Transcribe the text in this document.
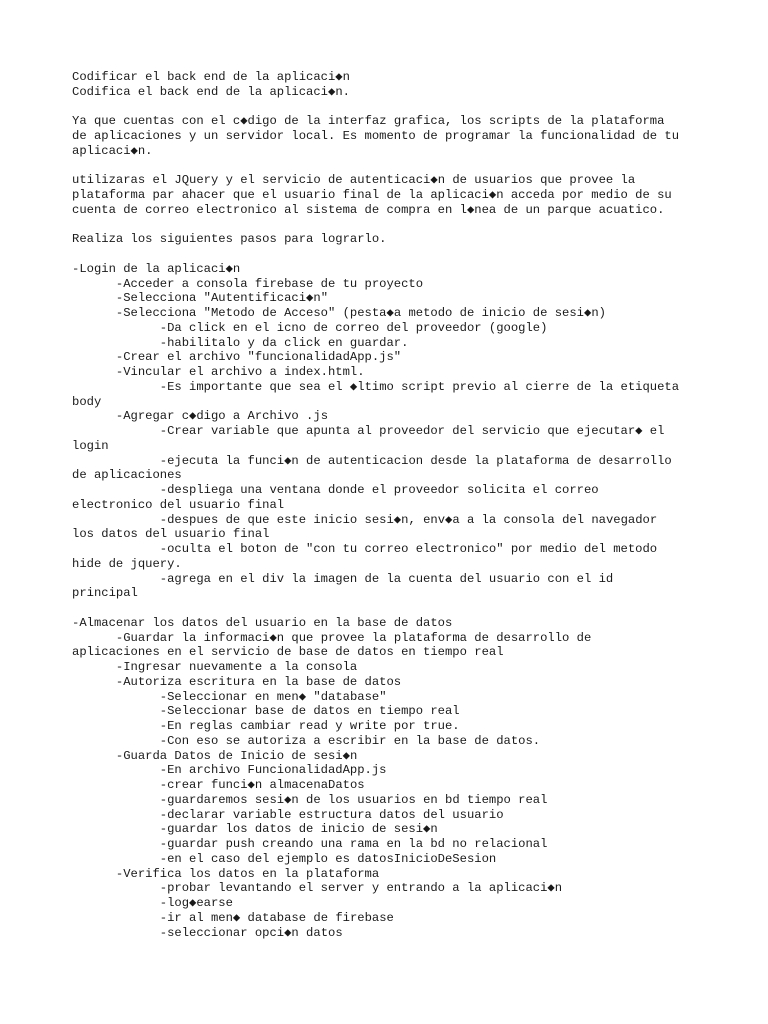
Codificar el back end de la aplicaci◆n
Codifica el back end de la aplicaci◆n.
Ya que cuentas con el c◆digo de la interfaz grafica, los scripts de la plataforma
de aplicaciones y un servidor local. Es momento de programar la funcionalidad de tu
aplicaci◆n.
utilizaras el JQuery y el servicio de autenticaci◆n de usuarios que provee la
plataforma par ahacer que el usuario final de la aplicaci◆n acceda por medio de su
cuenta de correo electronico al sistema de compra en l◆nea de un parque acuatico.
Realiza los siguientes pasos para lograrlo.
-Login de la aplicaci◆n
-Acceder a consola firebase de tu proyecto
-Selecciona "Autentificaci◆n"
-Selecciona "Metodo de Acceso" (pesta◆a metodo de inicio de sesi◆n)
-Da click en el icno de correo del proveedor (google)
-habilitalo y da click en guardar.
-Crear el archivo "funcionalidadApp.js"
-Vincular el archivo a index.html.
-Es importante que sea el ◆ltimo script previo al cierre de la etiqueta
body
-Agregar c◆digo a Archivo .js
-Crear variable que apunta al proveedor del servicio que ejecutar◆ el
login
-ejecuta la funci◆n de autenticacion desde la plataforma de desarrollo
de aplicaciones
-despliega una ventana donde el proveedor solicita el correo
electronico del usuario final
-despues de que este inicio sesi◆n, env◆a a la consola del navegador
los datos del usuario final
-oculta el boton de "con tu correo electronico" por medio del metodo
hide de jquery.
-agrega en el div la imagen de la cuenta del usuario con el id
principal
-Almacenar los datos del usuario en la base de datos
-Guardar la informaci◆n que provee la plataforma de desarrollo de
aplicaciones en el servicio de base de datos en tiempo real
-Ingresar nuevamente a la consola
-Autoriza escritura en la base de datos
-Seleccionar en men◆ "database"
-Seleccionar base de datos en tiempo real
-En reglas cambiar read y write por true.
-Con eso se autoriza a escribir en la base de datos.
-Guarda Datos de Inicio de sesi◆n
-En archivo FuncionalidadApp.js
-crear funci◆n almacenaDatos
-guardaremos sesi◆n de los usuarios en bd tiempo real
-declarar variable estructura datos del usuario
-guardar los datos de inicio de sesi◆n
-guardar push creando una rama en la bd no relacional
-en el caso del ejemplo es datosInicioDeSesion
-Verifica los datos en la plataforma
-probar levantando el server y entrando a la aplicaci◆n
-log◆earse
-ir al men◆ database de firebase
-seleccionar opci◆n datos
